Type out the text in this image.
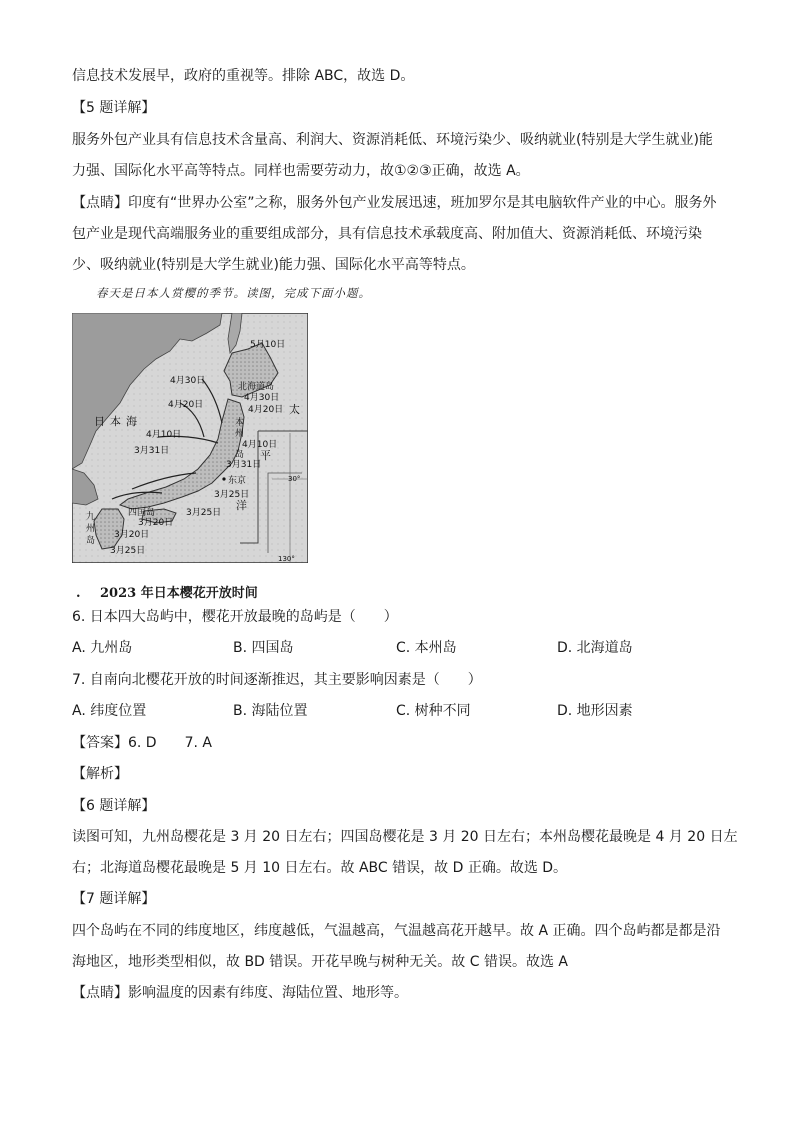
信息技术发展早，政府的重视等。排除 ABC，故选 D。
【5 题详解】
服务外包产业具有信息技术含量高、利润大、资源消耗低、环境污染少、吸纳就业(特别是大学生就业)能
力强、国际化水平高等特点。同样也需要劳动力，故①②③正确，故选 A。
【点睛】印度有“世界办公室”之称，服务外包产业发展迅速，班加罗尔是其电脑软件产业的中心。服务外
包产业是现代高端服务业的重要组成部分，具有信息技术承载度高、附加值大、资源消耗低、环境污染
少、吸纳就业(特别是大学生就业)能力强、国际化水平高等特点。
春天是日本人赏樱的季节。读图，完成下面小题。
日本海
太
平
洋
北海道岛
本
州
岛
四国岛
九
州
岛
东京	30°
130°
5月10日
4月30日
4月30日
4月20日	4月20日
4月10日
4月10日
3月31日
3月31日
3月25日
3月25日
3月25日
3月20日
3月20日
. 2023 年日本樱花开放时间
6. 日本四大岛屿中，樱花开放最晚的岛屿是（　　）
A. 九州岛	B. 四国岛	C. 本州岛	D. 北海道岛
7. 自南向北樱花开放的时间逐渐推迟，其主要影响因素是（　　）
A. 纬度位置	B. 海陆位置	C. 树种不同	D. 地形因素
【答案】6. D　　7. A
【解析】
【6 题详解】
读图可知，九州岛樱花是 3 月 20 日左右；四国岛樱花是 3 月 20 日左右；本州岛樱花最晚是 4 月 20 日左
右；北海道岛樱花最晚是 5 月 10 日左右。故 ABC 错误，故 D 正确。故选 D。
【7 题详解】
四个岛屿在不同的纬度地区，纬度越低，气温越高，气温越高花开越早。故 A 正确。四个岛屿都是都是沿
海地区，地形类型相似，故 BD 错误。开花早晚与树种无关。故 C 错误。故选 A
【点睛】影响温度的因素有纬度、海陆位置、地形等。
